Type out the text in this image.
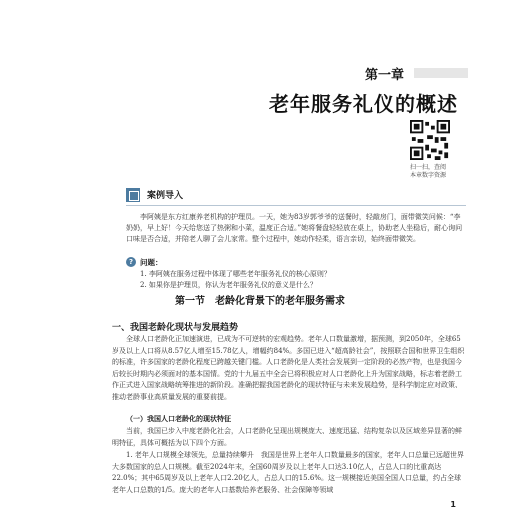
第一章
老年服务礼仪的概述
扫一扫，查阅
本章数字资源
案例导入
李阿姨是东方红康养老机构的护理员。一天，她为83岁郭爷爷的送餐时，轻敲房门，面带微笑问候：“李奶奶，早上好！今天给您送了热粥和小菜，温度正合适。”她将餐盘轻轻放在桌上，协助老人坐稳后，耐心询问口味是否合适，并陪老人聊了会儿家常。整个过程中，她动作轻柔，语言亲切，始终面带微笑。
? 问题：
1. 李阿姨在服务过程中体现了哪些老年服务礼仪的核心原则？
2. 如果你是护理员，你认为老年服务礼仪的意义是什么？
第一节　老龄化背景下的老年服务需求
一、我国老龄化现状与发展趋势
全球人口老龄化正加速演进，已成为不可逆转的宏观趋势。老年人口数量激增，据预测，到2050年，全球65岁及以上人口将从8.57亿人增至15.78亿人，增幅约84%。多国已进入“超高龄社会”，按照联合国和世界卫生组织的标准，许多国家的老龄化程度已跨越关键门槛。人口老龄化是人类社会发展到一定阶段的必然产物，也是我国今后较长时期内必须面对的基本国情。党的十九届五中全会已将积极应对人口老龄化上升为国家战略，标志着老龄工作正式进入国家战略统筹推进的新阶段。准确把握我国老龄化的现状特征与未来发展趋势，是科学制定应对政策、推动老龄事业高质量发展的重要前提。
（一）我国人口老龄化的现状特征
当前，我国已步入中度老龄化社会，人口老龄化呈现出规模庞大、速度迅猛、结构复杂以及区域差异显著的鲜明特征，具体可概括为以下四个方面。
1. 老年人口规模全球领先，总量持续攀升　我国是世界上老年人口数量最多的国家，老年人口总量已远超世界大多数国家的总人口规模。截至2024年末，全国60周岁及以上老年人口达3.10亿人，占总人口的比重高达22.0%；其中65周岁及以上老年人口2.20亿人，占总人口的15.6%。这一规模接近美国全国人口总量，约占全球老年人口总数的1/5。庞大的老年人口基数给养老服务、社会保障等领域
1
